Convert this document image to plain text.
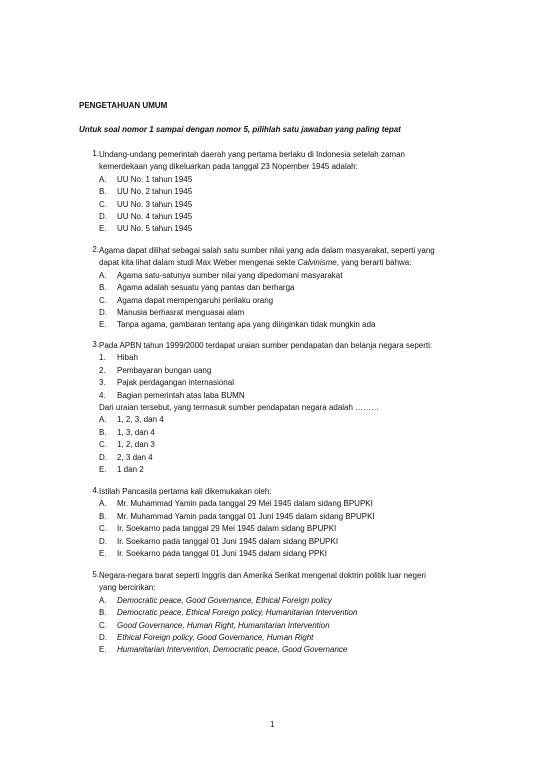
PENGETAHUAN UMUM
Untuk soal nomor 1 sampai dengan nomor 5, pilihlah satu jawaban yang paling tepat
1. Undang-undang pemerintah daerah yang pertama berlaku di Indonesia setelah zaman
kemerdekaan yang dikeluarkan pada tanggal 23 Nopember 1945 adalah:
A.	UU No. 1 tahun 1945
B.	UU No. 2 tahun 1945
C.	UU No. 3 tahun 1945
D.	UU No. 4 tahun 1945
E.	UU No. 5 tahun 1945
2. Agama dapat dilihat sebagai salah satu sumber nilai yang ada dalam masyarakat, seperti yang
dapat kita lihat dalam studi Max Weber mengenai sekte Calvinisme, yang berarti bahwa:
A.	Agama satu-satunya sumber nilai yang dipedomani masyarakat
B.	Agama adalah sesuatu yang pantas dan berharga
C.	Agama dapat mempengaruhi perilaku orang
D.	Manusia berhasrat menguasai alam
E.	Tanpa agama, gambaran tentang apa yang diinginkan tidak mungkin ada
3. Pada APBN tahun 1999/2000 terdapat uraian sumber pendapatan dan belanja negara seperti:
1.	Hibah
2.	Pembayaran bungan uang
3.	Pajak perdagangan internasional
4.	Bagian pemerintah atas laba BUMN
Dari uraian tersebut, yang termasuk sumber pendapatan negara adalah ………
A.	1, 2, 3, dan 4
B.	1, 3, dan 4
C.	1, 2, dan 3
D.	2, 3 dan 4
E.	1 dan 2
4. Istilah Pancasila pertama kali dikemukakan oleh:
A.	Mr. Muhammad Yamin pada tanggal 29 Mei 1945 dalam sidang BPUPKI
B.	Mr. Muhammad Yamin pada tanggal 01 Juni 1945 dalam sidang BPUPKI
C.	Ir. Soekarno pada tanggal 29 Mei 1945 dalam sidang BPUPKI
D.	Ir. Soekarno pada tanggal 01 Juni 1945 dalam sidang BPUPKI
E.	Ir. Soekarno pada tanggal 01 Juni 1945 dalam sidang PPKI
5. Negara-negara barat seperti Inggris dan Amerika Serikat mengenal doktrin politik luar negeri
yang bercirikan:
A.	Democratic peace, Good Governance, Ethical Foreign policy
B.	Democratic peace, Ethical Foreign policy, Humanitarian Intervention
C.	Good Governance, Human Right, Humanitarian Intervention
D.	Ethical Foreign policy, Good Governance, Human Right
E.	Humanitarian Intervention, Democratic peace, Good Governance
1
